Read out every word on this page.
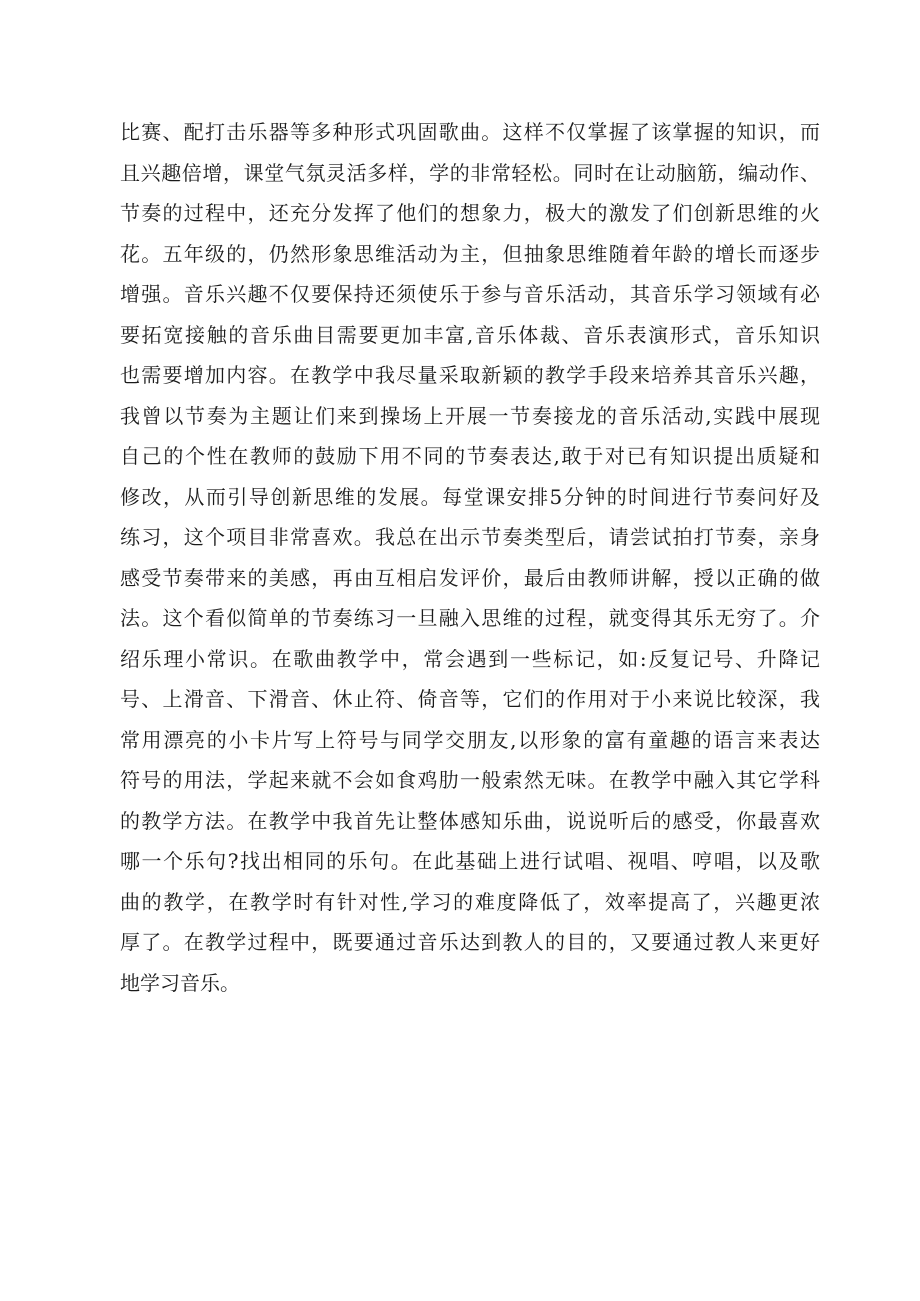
比赛、配打击乐器等多种形式巩固歌曲。这样不仅掌握了该掌握的知识，而
且兴趣倍增，课堂气氛灵活多样，学的非常轻松。同时在让动脑筋，编动作、
节奏的过程中，还充分发挥了他们的想象力，极大的激发了们创新思维的火
花。五年级的，仍然形象思维活动为主，但抽象思维随着年龄的增长而逐步
增强。音乐兴趣不仅要保持还须使乐于参与音乐活动，其音乐学习领域有必
要拓宽接触的音乐曲目需要更加丰富,音乐体裁、音乐表演形式，音乐知识
也需要增加内容。在教学中我尽量采取新颖的教学手段来培养其音乐兴趣，
我曾以节奏为主题让们来到操场上开展一节奏接龙的音乐活动,实践中展现
自己的个性在教师的鼓励下用不同的节奏表达,敢于对已有知识提出质疑和
修改，从而引导创新思维的发展。每堂课安排5分钟的时间进行节奏问好及
练习，这个项目非常喜欢。我总在出示节奏类型后，请尝试拍打节奏，亲身
感受节奏带来的美感，再由互相启发评价，最后由教师讲解，授以正确的做
法。这个看似简单的节奏练习一旦融入思维的过程，就变得其乐无穷了。介
绍乐理小常识。在歌曲教学中，常会遇到一些标记，如:反复记号、升降记
号、上滑音、下滑音、休止符、倚音等，它们的作用对于小来说比较深，我
常用漂亮的小卡片写上符号与同学交朋友,以形象的富有童趣的语言来表达
符号的用法，学起来就不会如食鸡肋一般索然无味。在教学中融入其它学科
的教学方法。在教学中我首先让整体感知乐曲，说说听后的感受，你最喜欢
哪一个乐句?找出相同的乐句。在此基础上进行试唱、视唱、哼唱，以及歌
曲的教学，在教学时有针对性,学习的难度降低了，效率提高了，兴趣更浓
厚了。在教学过程中，既要通过音乐达到教人的目的，又要通过教人来更好
地学习音乐。
